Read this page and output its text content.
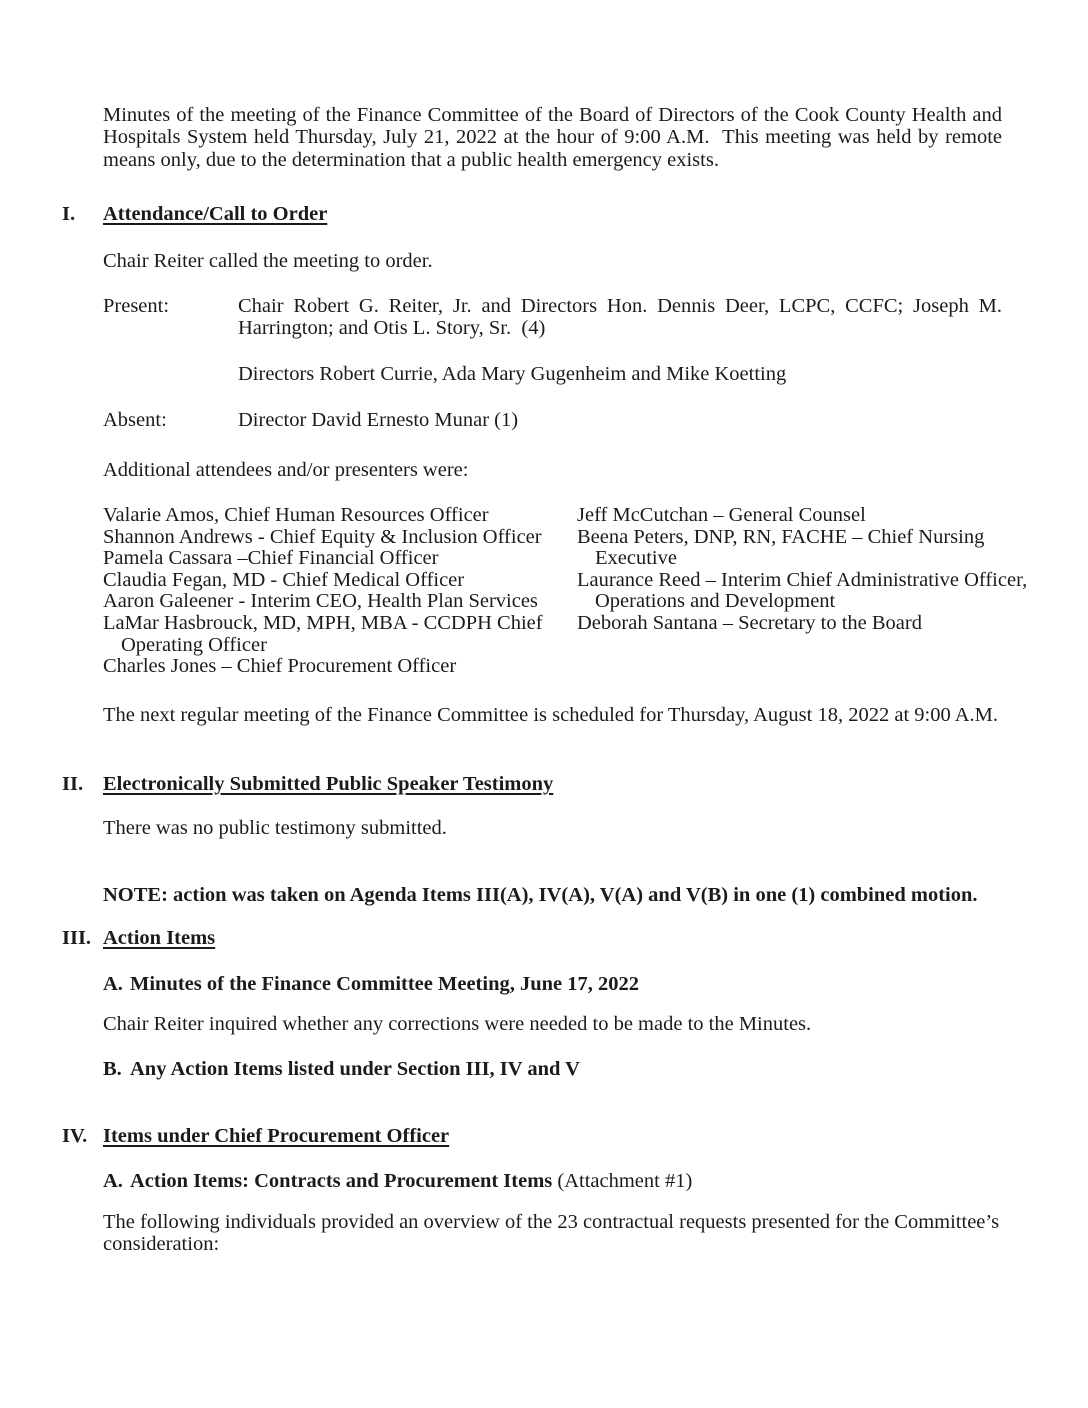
Minutes of the meeting of the Finance Committee of the Board of Directors of the Cook County Health and Hospitals System held Thursday, July 21, 2022 at the hour of 9:00 A.M.  This meeting was held by remote means only, due to the determination that a public health emergency exists.

I. Attendance/Call to Order

Chair Reiter called the meeting to order.

Present:	Chair Robert G. Reiter, Jr. and Directors Hon. Dennis Deer, LCPC, CCFC; Joseph M. Harrington; and Otis L. Story, Sr.  (4)

Directors Robert Currie, Ada Mary Gugenheim and Mike Koetting

Absent:	Director David Ernesto Munar (1)

Additional attendees and/or presenters were:

Valarie Amos, Chief Human Resources Officer
Shannon Andrews - Chief Equity & Inclusion Officer
Pamela Cassara –Chief Financial Officer
Claudia Fegan, MD - Chief Medical Officer
Aaron Galeener - Interim CEO, Health Plan Services
LaMar Hasbrouck, MD, MPH, MBA - CCDPH Chief Operating Officer
Charles Jones – Chief Procurement Officer
Jeff McCutchan – General Counsel
Beena Peters, DNP, RN, FACHE – Chief Nursing Executive
Laurance Reed – Interim Chief Administrative Officer, Operations and Development
Deborah Santana – Secretary to the Board

The next regular meeting of the Finance Committee is scheduled for Thursday, August 18, 2022 at 9:00 A.M.

II. Electronically Submitted Public Speaker Testimony

There was no public testimony submitted.

NOTE: action was taken on Agenda Items III(A), IV(A), V(A) and V(B) in one (1) combined motion.

III. Action Items
A. Minutes of the Finance Committee Meeting, June 17, 2022

Chair Reiter inquired whether any corrections were needed to be made to the Minutes.

B. Any Action Items listed under Section III, IV and V
IV. Items under Chief Procurement Officer
A. Action Items: Contracts and Procurement Items (Attachment #1)

The following individuals provided an overview of the 23 contractual requests presented for the Committee’s consideration:
